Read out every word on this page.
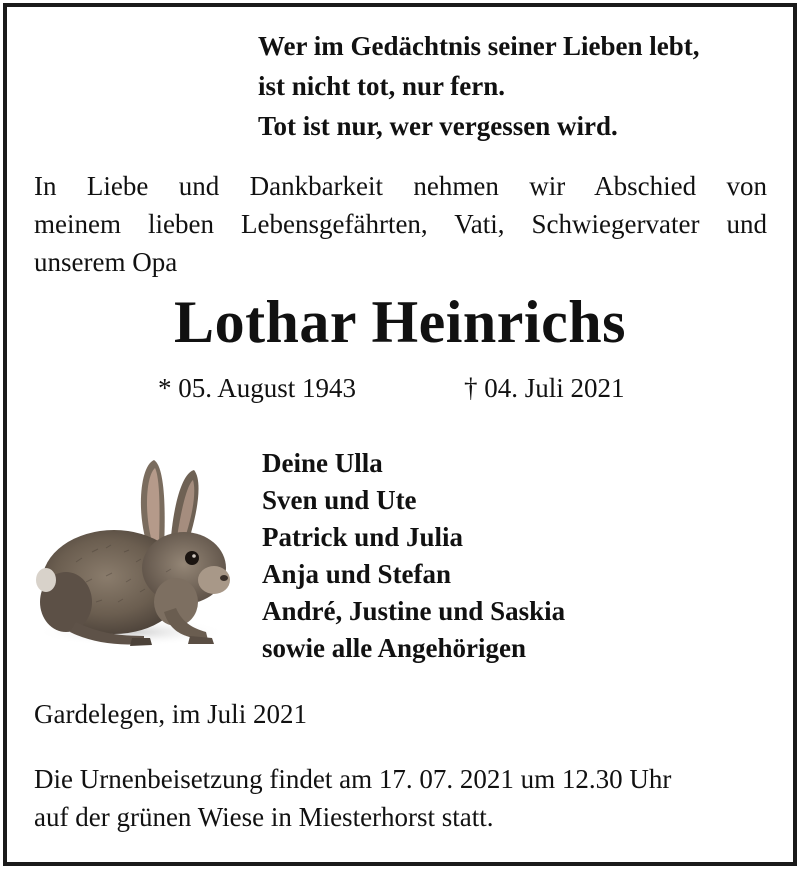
Wer im Gedächtnis seiner Lieben lebt,
ist nicht tot, nur fern.
Tot ist nur, wer vergessen wird.
In Liebe und Dankbarkeit nehmen wir Abschied von
meinem lieben Lebensgefährten, Vati, Schwiegervater und
unserem Opa
Lothar Heinrichs
* 05. August 1943	† 04. Juli 2021
Deine Ulla
Sven und Ute
Patrick und Julia
Anja und Stefan
André, Justine und Saskia
sowie alle Angehörigen
Gardelegen, im Juli 2021
Die Urnenbeisetzung findet am 17. 07. 2021 um 12.30 Uhr
auf der grünen Wiese in Miesterhorst statt.
